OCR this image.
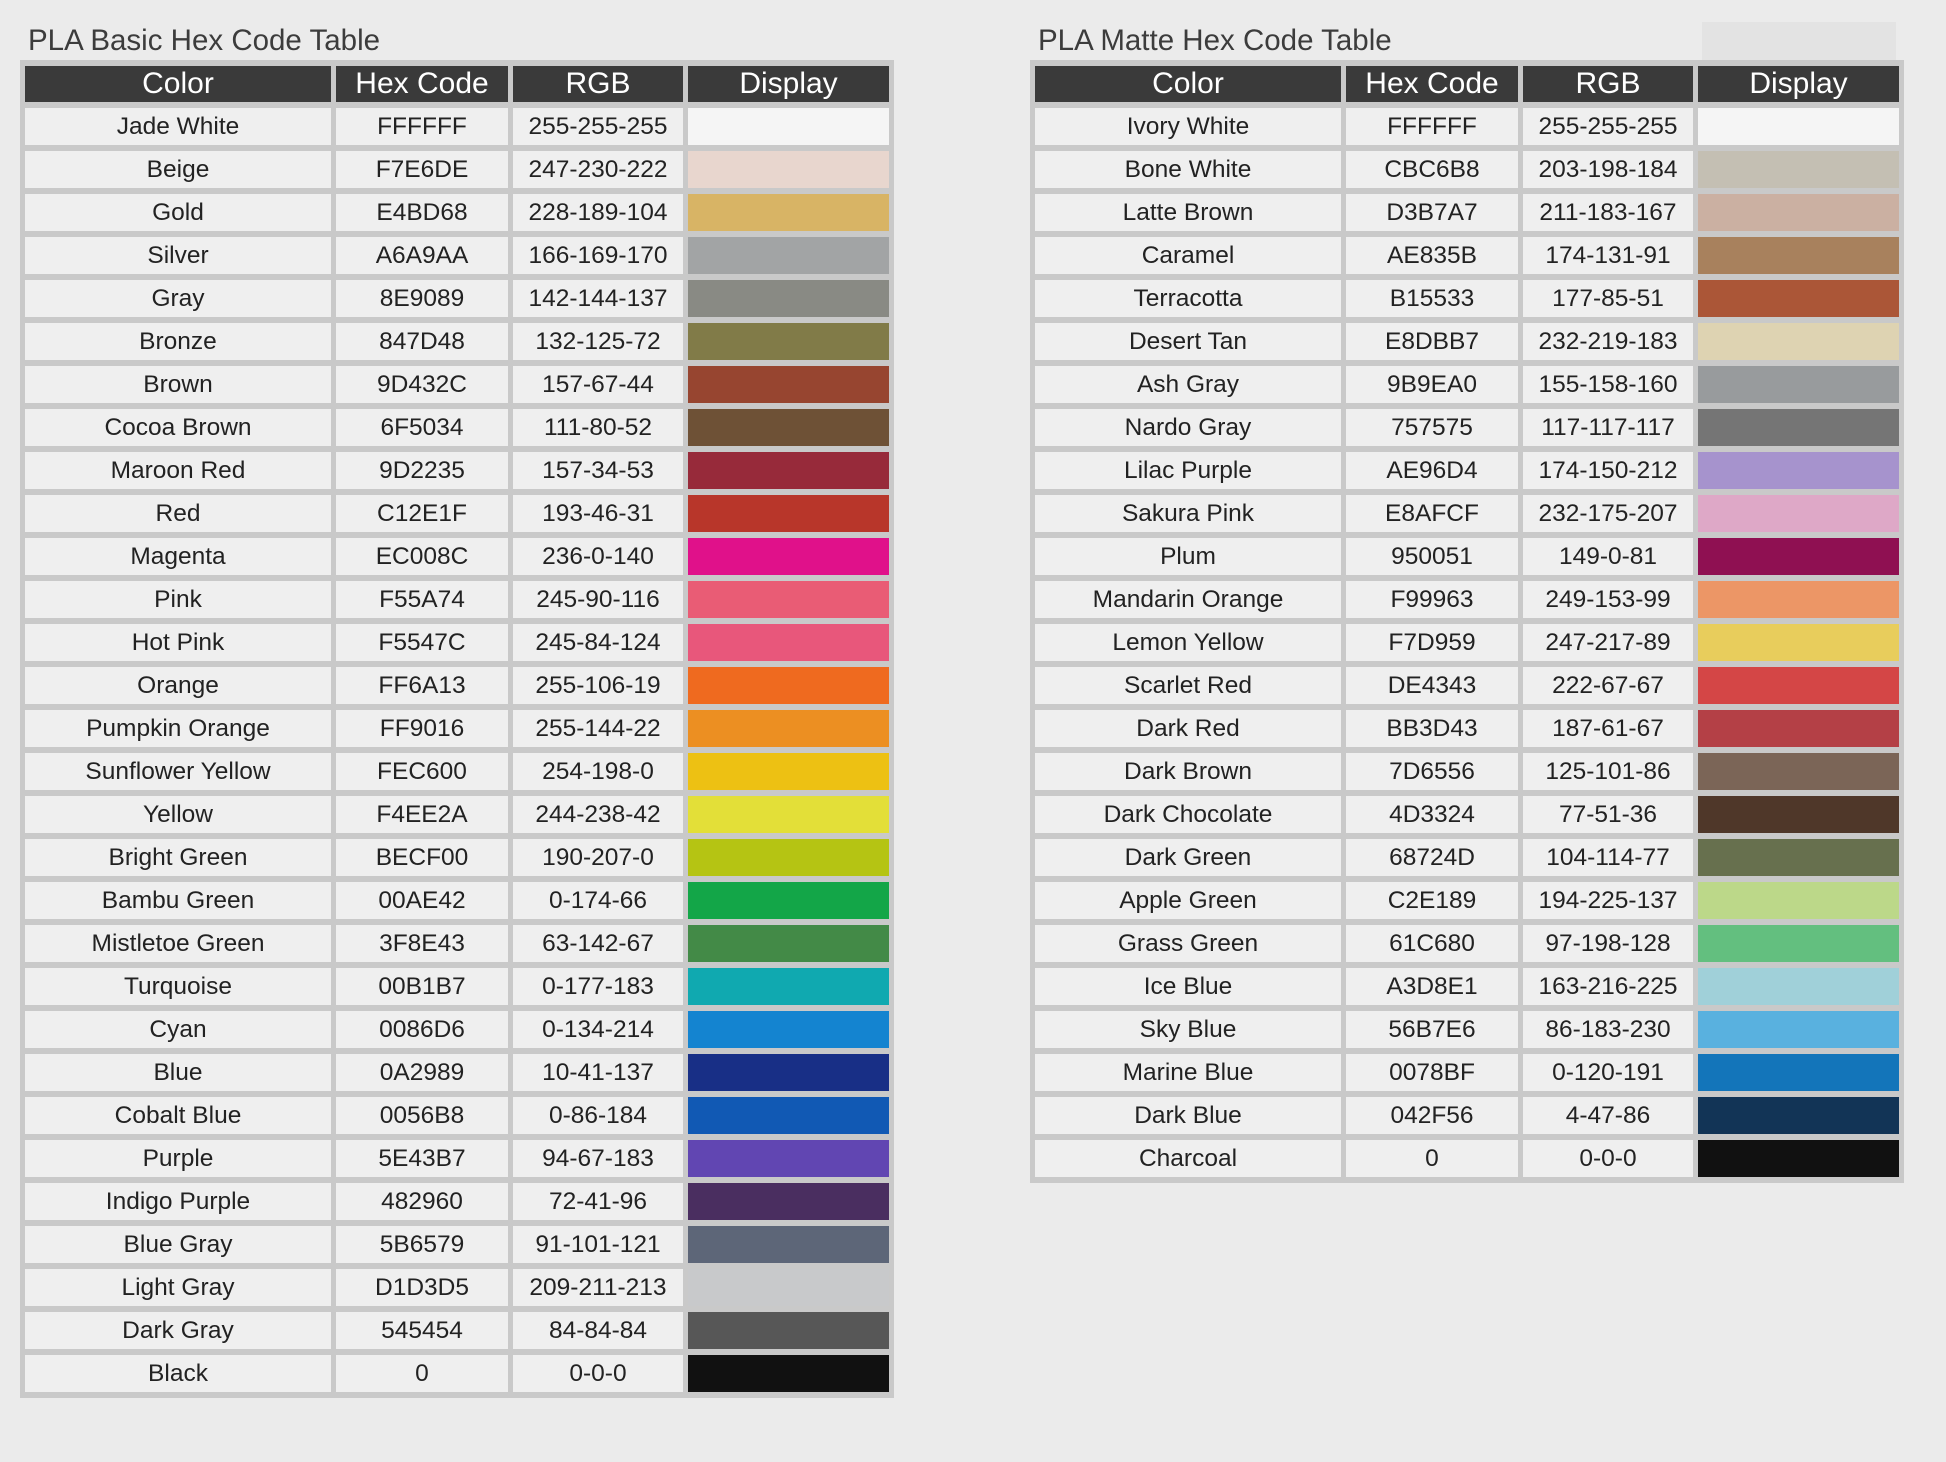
PLA Basic Hex Code Table
Color	Hex Code	RGB	Display
Jade White	FFFFFF	255-255-255	
Beige	F7E6DE	247-230-222	
Gold	E4BD68	228-189-104	
Silver	A6A9AA	166-169-170	
Gray	8E9089	142-144-137	
Bronze	847D48	132-125-72	
Brown	9D432C	157-67-44	
Cocoa Brown	6F5034	111-80-52	
Maroon Red	9D2235	157-34-53	
Red	C12E1F	193-46-31	
Magenta	EC008C	236-0-140	
Pink	F55A74	245-90-116	
Hot Pink	F5547C	245-84-124	
Orange	FF6A13	255-106-19	
Pumpkin Orange	FF9016	255-144-22	
Sunflower Yellow	FEC600	254-198-0	
Yellow	F4EE2A	244-238-42	
Bright Green	BECF00	190-207-0	
Bambu Green	00AE42	0-174-66	
Mistletoe Green	3F8E43	63-142-67	
Turquoise	00B1B7	0-177-183	
Cyan	0086D6	0-134-214	
Blue	0A2989	10-41-137	
Cobalt Blue	0056B8	0-86-184	
Purple	5E43B7	94-67-183	
Indigo Purple	482960	72-41-96	
Blue Gray	5B6579	91-101-121	
Light Gray	D1D3D5	209-211-213	
Dark Gray	545454	84-84-84	
Black	0	0-0-0	
PLA Matte Hex Code Table
Color	Hex Code	RGB	Display
Ivory White	FFFFFF	255-255-255	
Bone White	CBC6B8	203-198-184	
Latte Brown	D3B7A7	211-183-167	
Caramel	AE835B	174-131-91	
Terracotta	B15533	177-85-51	
Desert Tan	E8DBB7	232-219-183	
Ash Gray	9B9EA0	155-158-160	
Nardo Gray	757575	117-117-117	
Lilac Purple	AE96D4	174-150-212	
Sakura Pink	E8AFCF	232-175-207	
Plum	950051	149-0-81	
Mandarin Orange	F99963	249-153-99	
Lemon Yellow	F7D959	247-217-89	
Scarlet Red	DE4343	222-67-67	
Dark Red	BB3D43	187-61-67	
Dark Brown	7D6556	125-101-86	
Dark Chocolate	4D3324	77-51-36	
Dark Green	68724D	104-114-77	
Apple Green	C2E189	194-225-137	
Grass Green	61C680	97-198-128	
Ice Blue	A3D8E1	163-216-225	
Sky Blue	56B7E6	86-183-230	
Marine Blue	0078BF	0-120-191	
Dark Blue	042F56	4-47-86	
Charcoal	0	0-0-0	
